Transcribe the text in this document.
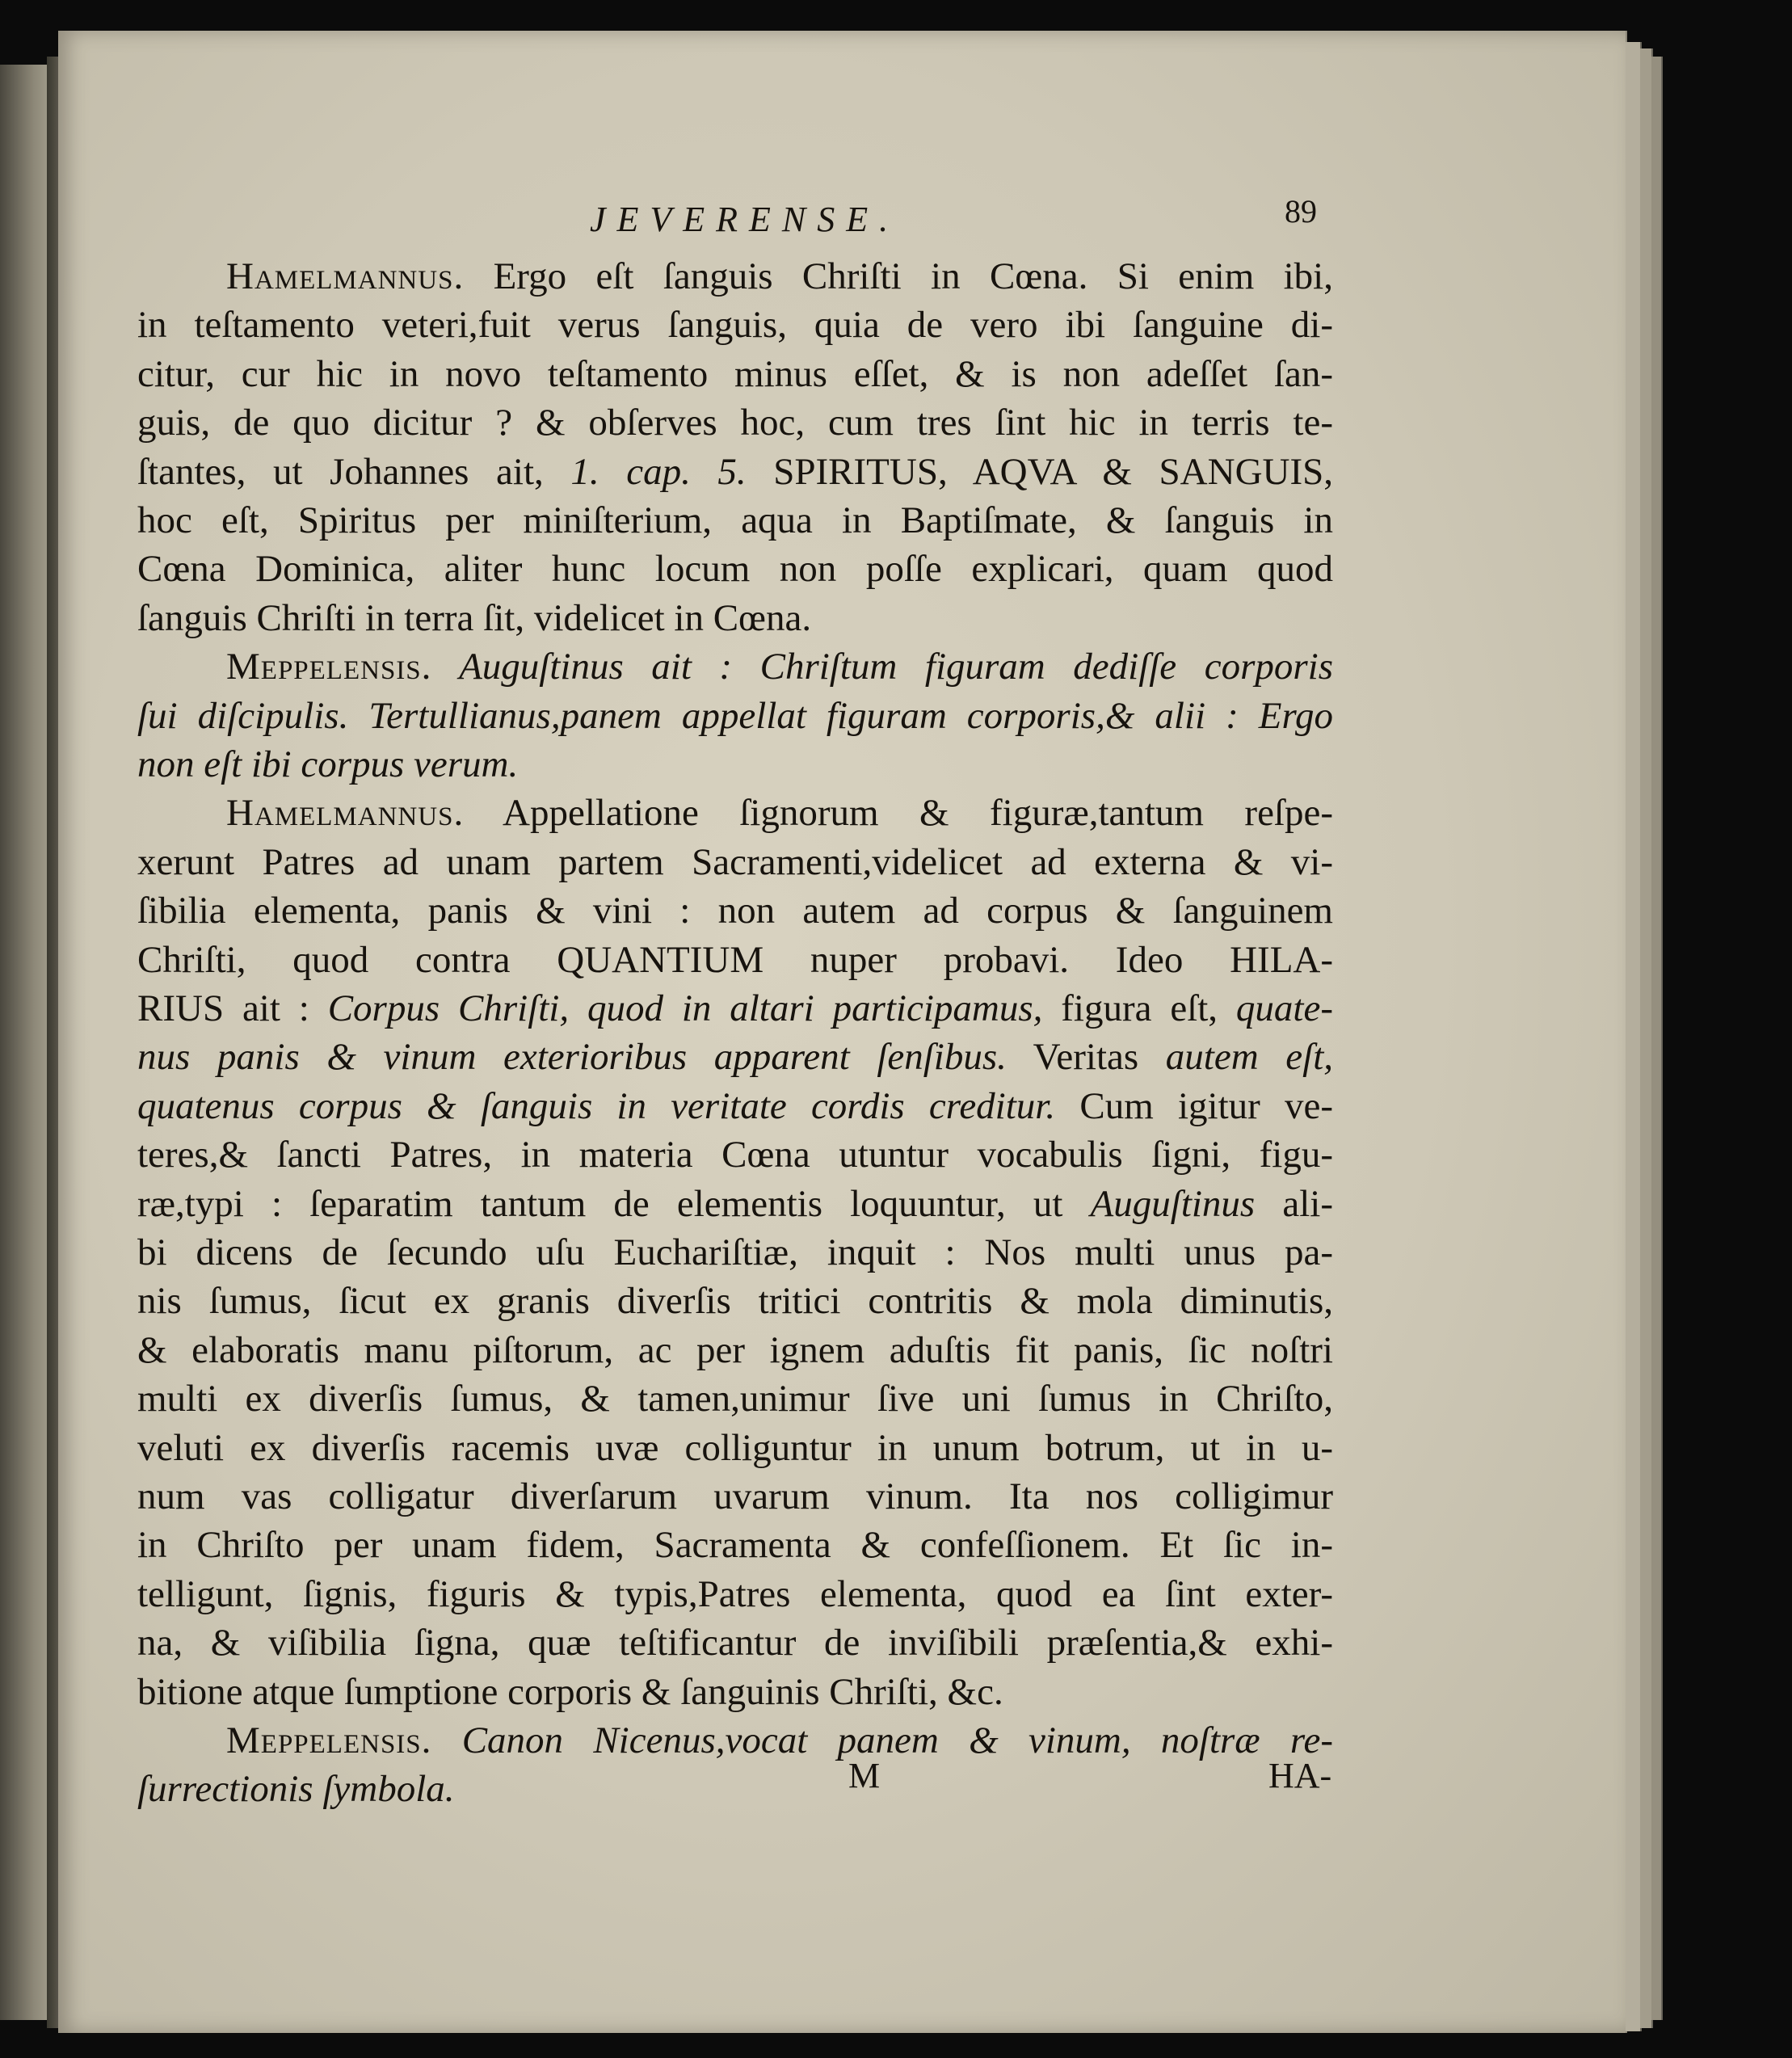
JEVERENSE.	89
Hamelmannus. Ergo eſt ſanguis Chriſti in Cœna. Si enim ibi,
in teſtamento veteri,fuit verus ſanguis, quia de vero ibi ſanguine di-
citur, cur hic in novo teſtamento minus eſſet, & is non adeſſet ſan-
guis, de quo dicitur ? & obſerves hoc, cum tres ſint hic in terris te-
ſtantes, ut Johannes ait, 1. cap. 5. SPIRITUS, AQVA & SANGUIS,
hoc eſt, Spiritus per miniſterium, aqua in Baptiſmate, & ſanguis in
Cœna Dominica, aliter hunc locum non poſſe explicari, quam quod
ſanguis Chriſti in terra ſit, videlicet in Cœna.
Meppelensis. Auguſtinus ait : Chriſtum figuram dediſſe corporis
ſui diſcipulis. Tertullianus,panem appellat figuram corporis,& alii : Ergo
non eſt ibi corpus verum.
Hamelmannus. Appellatione ſignorum & figuræ,tantum reſpe-
xerunt Patres ad unam partem Sacramenti,videlicet ad externa & vi-
ſibilia elementa, panis & vini : non autem ad corpus & ſanguinem
Chriſti, quod contra QUANTIUM nuper probavi. Ideo HILA-
RIUS ait : Corpus Chriſti, quod in altari participamus, figura eſt, quate-
nus panis & vinum exterioribus apparent ſenſibus. Veritas autem eſt,
quatenus corpus & ſanguis in veritate cordis creditur. Cum igitur ve-
teres,& ſancti Patres, in materia Cœna utuntur vocabulis ſigni, figu-
ræ,typi : ſeparatim tantum de elementis loquuntur, ut Auguſtinus ali-
bi dicens de ſecundo uſu Euchariſtiæ, inquit : Nos multi unus pa-
nis ſumus, ſicut ex granis diverſis tritici contritis & mola diminutis,
& elaboratis manu piſtorum, ac per ignem aduſtis fit panis, ſic noſtri
multi ex diverſis ſumus, & tamen,unimur ſive uni ſumus in Chriſto,
veluti ex diverſis racemis uvæ colliguntur in unum botrum, ut in u-
num vas colligatur diverſarum uvarum vinum. Ita nos colligimur
in Chriſto per unam fidem, Sacramenta & confeſſionem. Et ſic in-
telligunt, ſignis, figuris & typis,Patres elementa, quod ea ſint exter-
na, & viſibilia ſigna, quæ teſtificantur de inviſibili præſentia,& exhi-
bitione atque ſumptione corporis & ſanguinis Chriſti, &c.
Meppelensis. Canon Nicenus,vocat panem & vinum, noſtræ re-
ſurrectionis ſymbola.	M	HA-
